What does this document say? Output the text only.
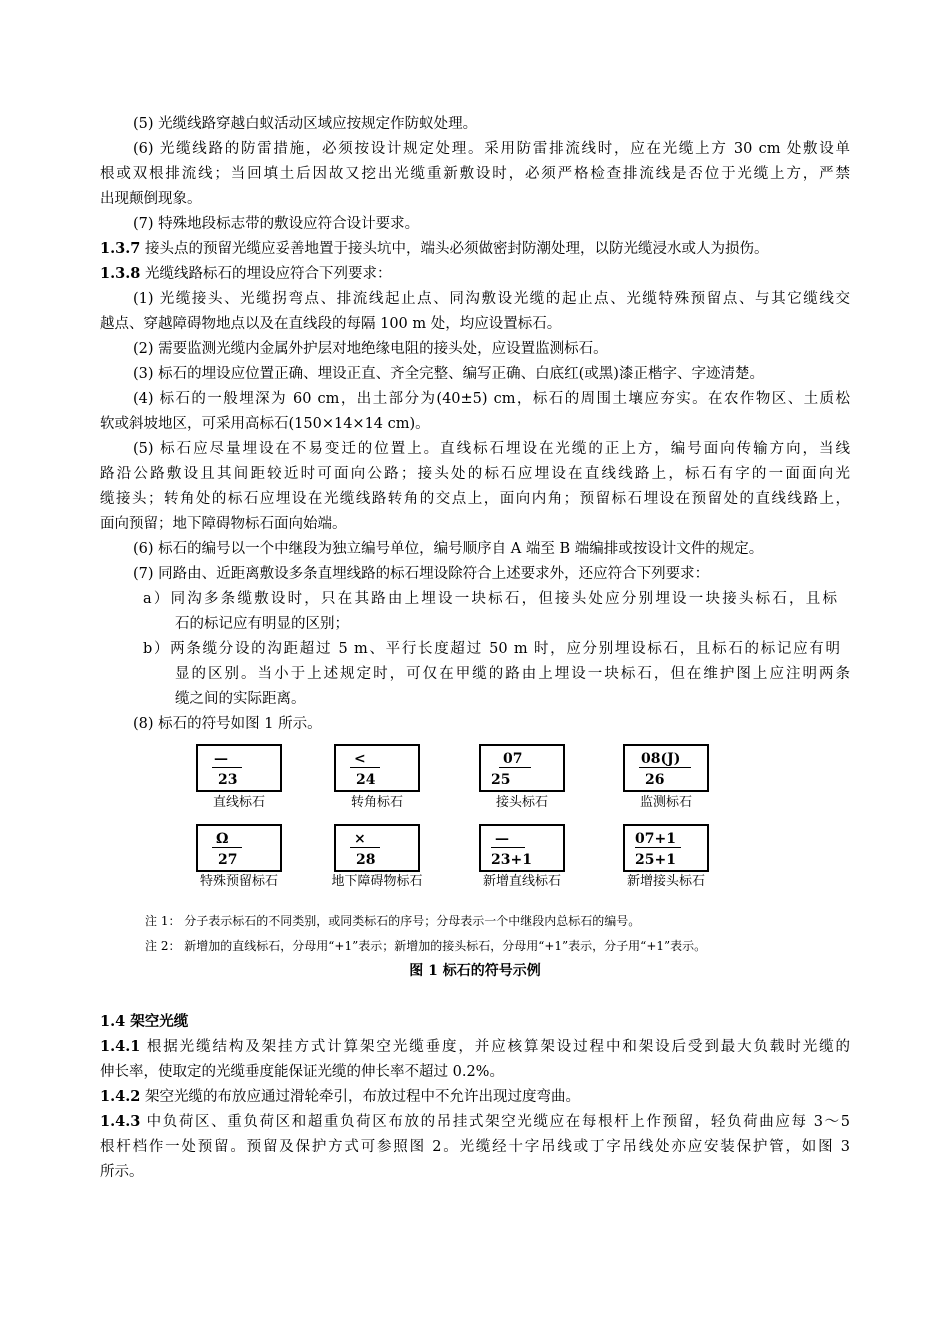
(5) 光缆线路穿越白蚁活动区域应按规定作防蚁处理。
(6) 光缆线路的防雷措施，必须按设计规定处理。采用防雷排流线时，应在光缆上方 30 cm 处敷设单
根或双根排流线；当回填土后因故又挖出光缆重新敷设时，必须严格检查排流线是否位于光缆上方，严禁
出现颠倒现象。
(7) 特殊地段标志带的敷设应符合设计要求。
1.3.7 接头点的预留光缆应妥善地置于接头坑中，端头必须做密封防潮处理，以防光缆浸水或人为损伤。
1.3.8 光缆线路标石的埋设应符合下列要求：
(1) 光缆接头、光缆拐弯点、排流线起止点、同沟敷设光缆的起止点、光缆特殊预留点、与其它缆线交
越点、穿越障碍物地点以及在直线段的每隔 100 m 处，均应设置标石。
(2) 需要监测光缆内金属外护层对地绝缘电阻的接头处，应设置监测标石。
(3) 标石的埋设应位置正确、埋设正直、齐全完整、编写正确、白底红(或黑)漆正楷字、字迹清楚。
(4) 标石的一般埋深为 60 cm，出土部分为(40±5) cm，标石的周围土壤应夯实。在农作物区、土质松
软或斜坡地区，可采用高标石(150×14×14 cm)。
(5) 标石应尽量埋设在不易变迁的位置上。直线标石埋设在光缆的正上方，编号面向传输方向，当线
路沿公路敷设且其间距较近时可面向公路；接头处的标石应埋设在直线线路上，标石有字的一面面向光
缆接头；转角处的标石应埋设在光缆线路转角的交点上，面向内角；预留标石埋设在预留处的直线线路上，
面向预留；地下障碍物标石面向始端。
(6) 标石的编号以一个中继段为独立编号单位，编号顺序自 A 端至 B 端编排或按设计文件的规定。
(7) 同路由、近距离敷设多条直埋线路的标石埋设除符合上述要求外，还应符合下列要求：
a）同沟多条缆敷设时，只在其路由上埋设一块标石，但接头处应分别埋设一块接头标石，且标
石的标记应有明显的区别；
b）两条缆分设的沟距超过 5 m、平行长度超过 50 m 时，应分别埋设标石，且标石的标记应有明
显的区别。当小于上述规定时，可仅在甲缆的路由上埋设一块标石，但在维护图上应注明两条
缆之间的实际距离。
(8) 标石的符号如图 1 所示。
—
23
直线标石
<
24
转角标石
07
25
接头标石
08(J)
26
监测标石
Ω
27
特殊预留标石
×
28
地下障碍物标石
—
23+1
新增直线标石
07+1
25+1
新增接头标石
注 1： 分子表示标石的不同类别，或同类标石的序号；分母表示一个中继段内总标石的编号。
注 2： 新增加的直线标石，分母用“+1”表示；新增加的接头标石，分母用“+1”表示，分子用“+1”表示。
图 1 标石的符号示例
1.4 架空光缆
1.4.1 根据光缆结构及架挂方式计算架空光缆垂度，并应核算架设过程中和架设后受到最大负载时光缆的
伸长率，使取定的光缆垂度能保证光缆的伸长率不超过 0.2%。
1.4.2 架空光缆的布放应通过滑轮牵引，布放过程中不允许出现过度弯曲。
1.4.3 中负荷区、重负荷区和超重负荷区布放的吊挂式架空光缆应在每根杆上作预留，轻负荷曲应每 3～5
根杆档作一处预留。预留及保护方式可参照图 2。光缆经十字吊线或丁字吊线处亦应安装保护管，如图 3
所示。
